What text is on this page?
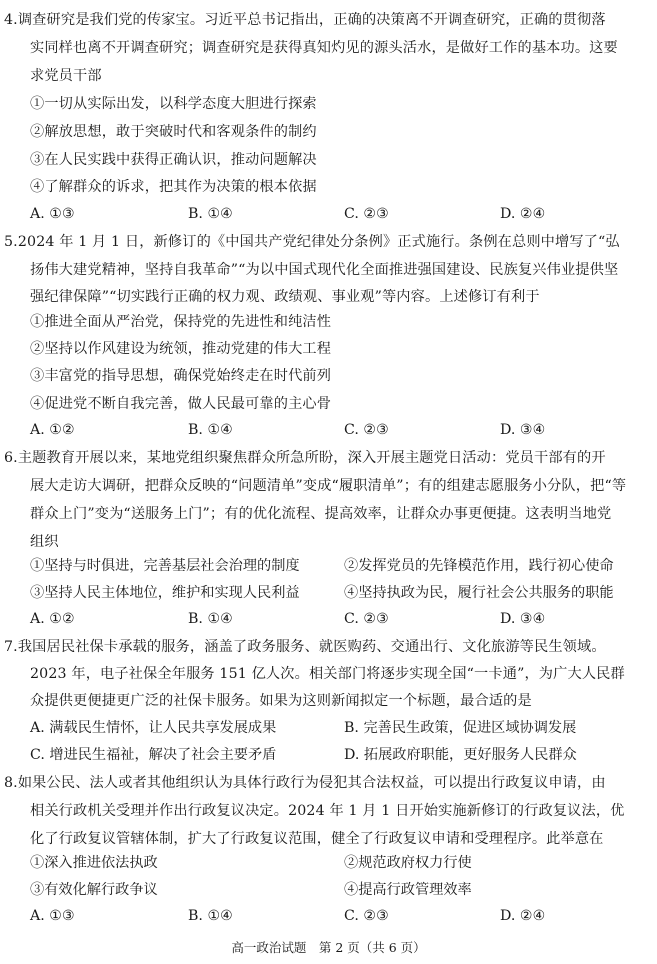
4.调查研究是我们党的传家宝。习近平总书记指出，正确的决策离不开调查研究，正确的贯彻落
实同样也离不开调查研究；调查研究是获得真知灼见的源头活水，是做好工作的基本功。这要
求党员干部
①一切从实际出发，以科学态度大胆进行探索
②解放思想，敢于突破时代和客观条件的制约
③在人民实践中获得正确认识，推动问题解决
④了解群众的诉求，把其作为决策的根本依据
A. ①③	B. ①④	C. ②③	D. ②④
5.2024 年 1 月 1 日，新修订的《中国共产党纪律处分条例》正式施行。条例在总则中增写了“弘
扬伟大建党精神，坚持自我革命”“为以中国式现代化全面推进强国建设、民族复兴伟业提供坚
强纪律保障”“切实践行正确的权力观、政绩观、事业观”等内容。上述修订有利于
①推进全面从严治党，保持党的先进性和纯洁性
②坚持以作风建设为统领，推动党建的伟大工程
③丰富党的指导思想，确保党始终走在时代前列
④促进党不断自我完善，做人民最可靠的主心骨
A. ①②	B. ①④	C. ②③	D. ③④
6.主题教育开展以来，某地党组织聚焦群众所急所盼，深入开展主题党日活动：党员干部有的开
展大走访大调研，把群众反映的“问题清单”变成“履职清单”；有的组建志愿服务小分队，把“等
群众上门”变为“送服务上门”；有的优化流程、提高效率，让群众办事更便捷。这表明当地党
组织
①坚持与时俱进，完善基层社会治理的制度	②发挥党员的先锋模范作用，践行初心使命
③坚持人民主体地位，维护和实现人民利益	④坚持执政为民，履行社会公共服务的职能
A. ①②	B. ①④	C. ②③	D. ③④
7.我国居民社保卡承载的服务，涵盖了政务服务、就医购药、交通出行、文化旅游等民生领域。
2023 年，电子社保全年服务 151 亿人次。相关部门将逐步实现全国“一卡通”，为广大人民群
众提供更便捷更广泛的社保卡服务。如果为这则新闻拟定一个标题，最合适的是
A. 满载民生情怀，让人民共享发展成果	B. 完善民生政策，促进区域协调发展
C. 增进民生福祉，解决了社会主要矛盾	D. 拓展政府职能，更好服务人民群众
8.如果公民、法人或者其他组织认为具体行政行为侵犯其合法权益，可以提出行政复议申请，由
相关行政机关受理并作出行政复议决定。2024 年 1 月 1 日开始实施新修订的行政复议法，优
化了行政复议管辖体制，扩大了行政复议范围，健全了行政复议申请和受理程序。此举意在
①深入推进依法执政	②规范政府权力行使
③有效化解行政争议	④提高行政管理效率
A. ①③	B. ①④	C. ②③	D. ②④
高一政治试题　第 2 页（共 6 页）
